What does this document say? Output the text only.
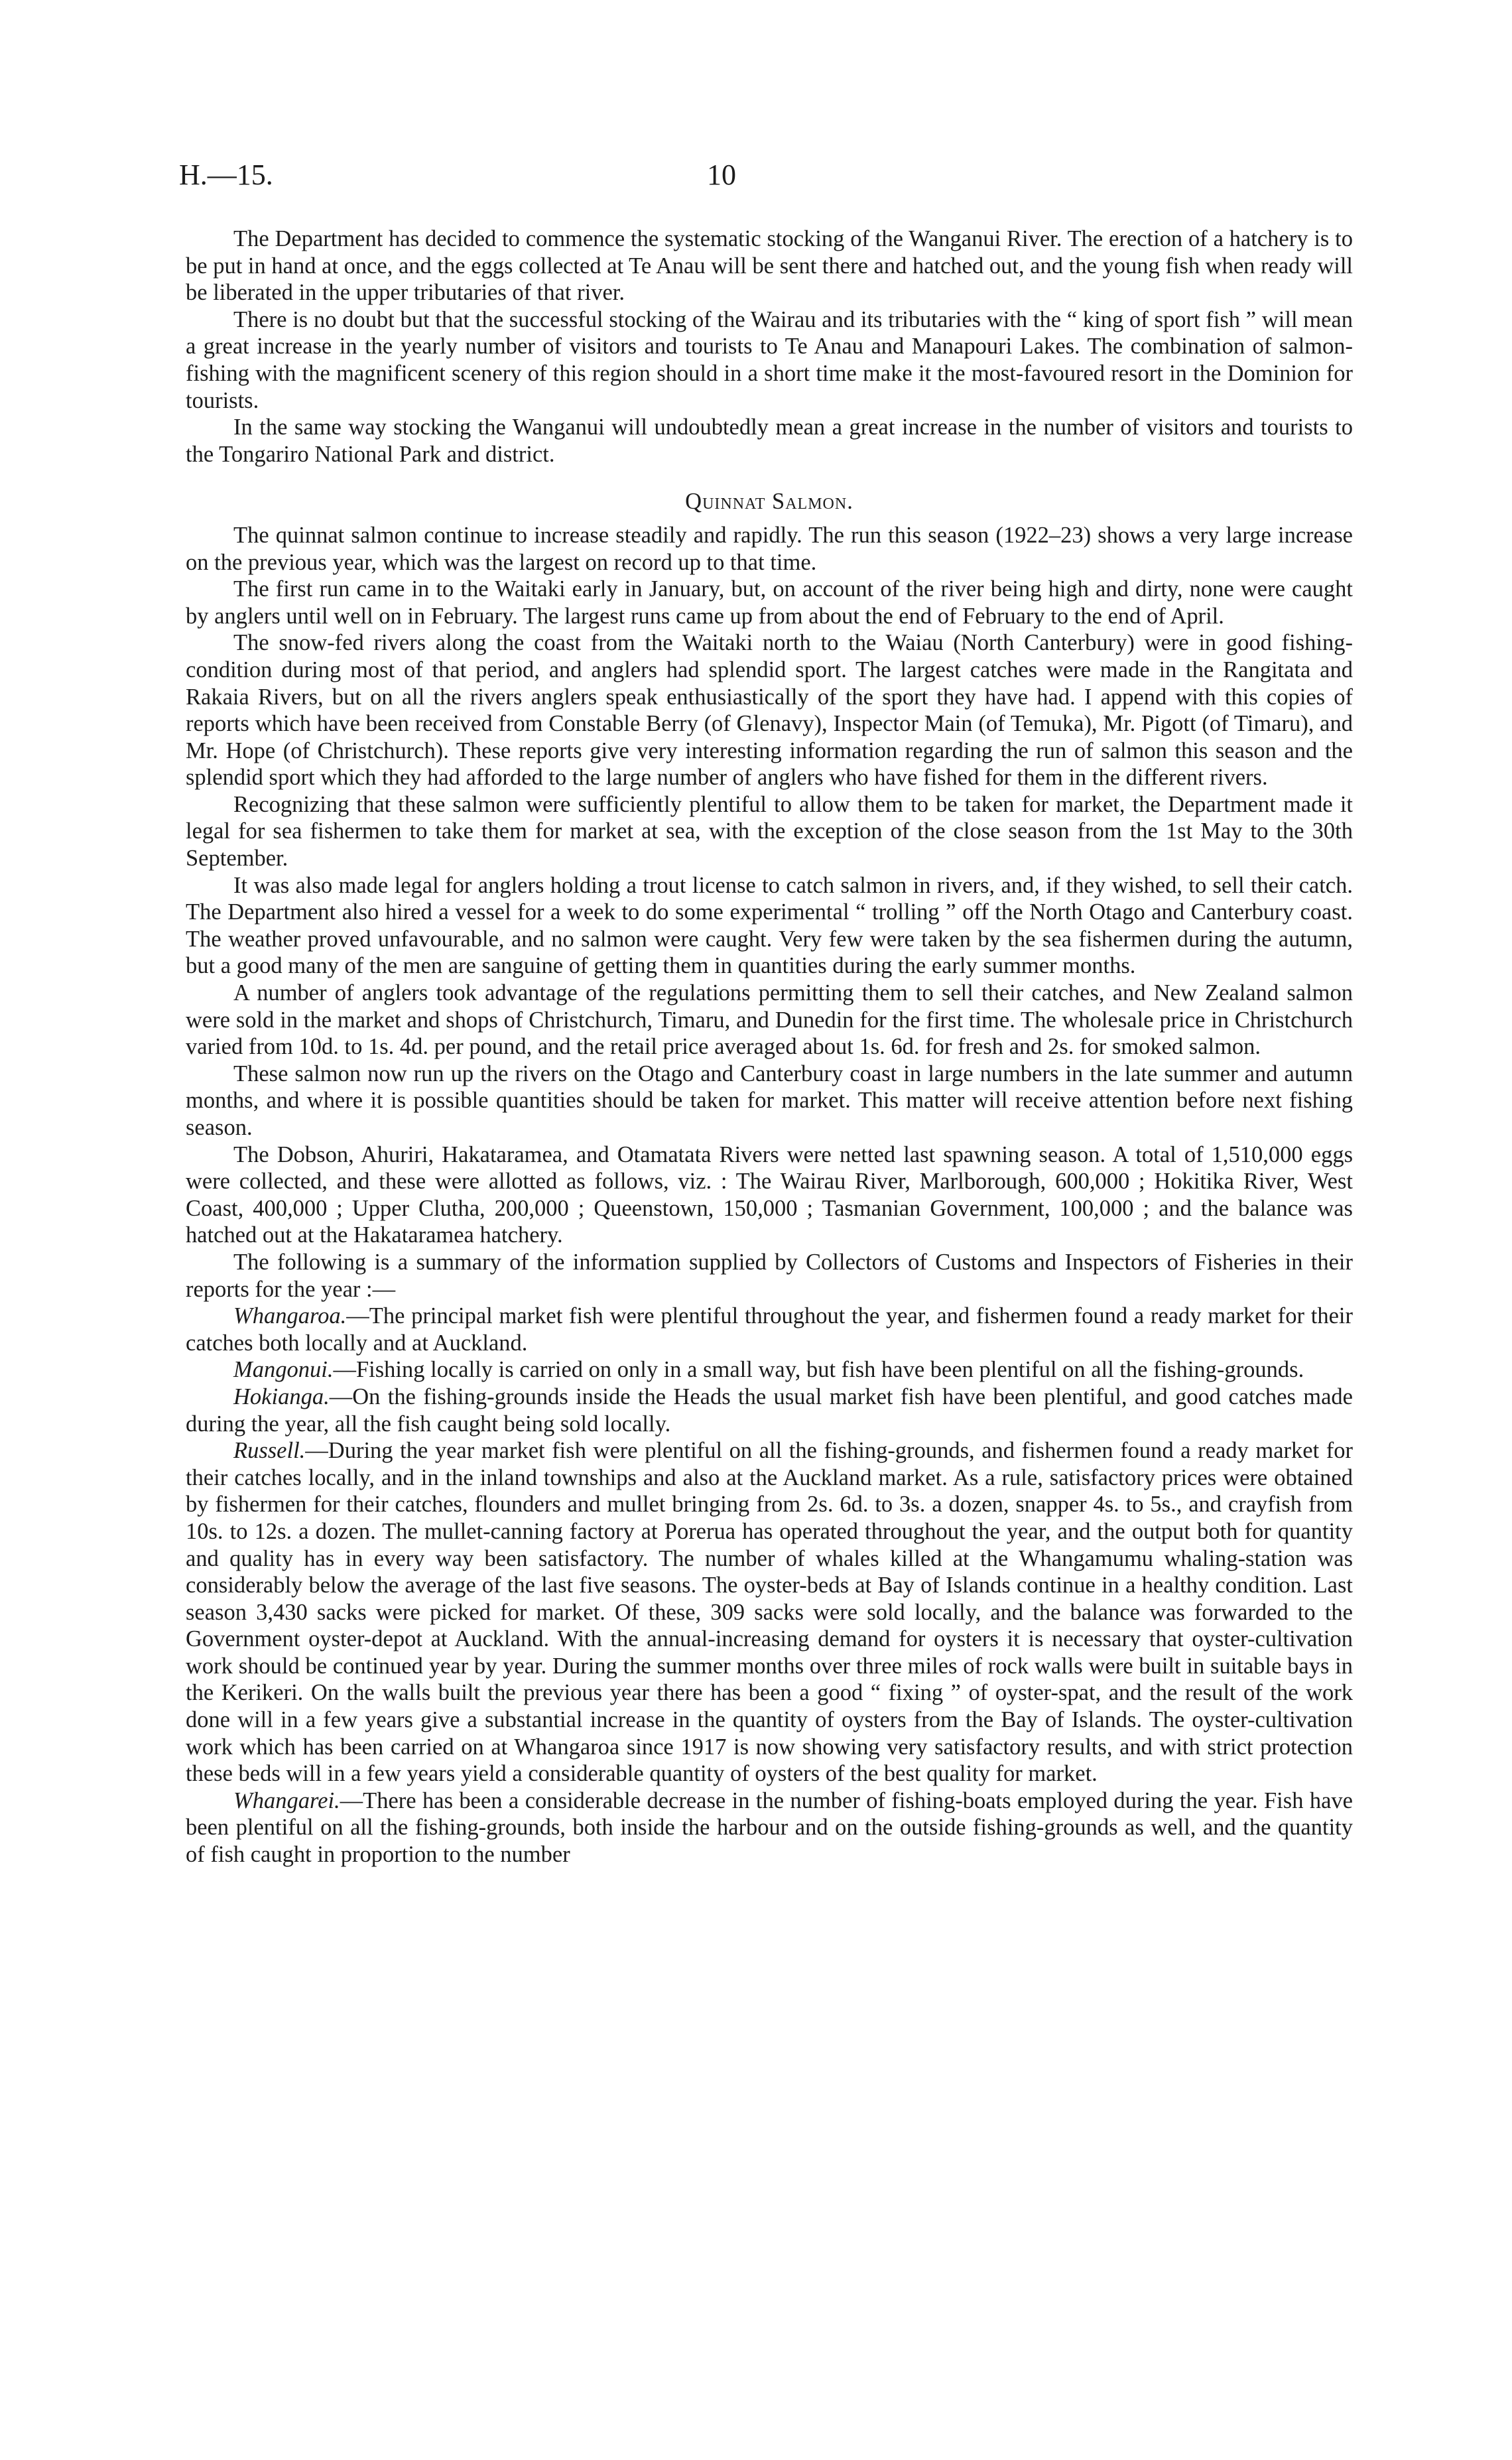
H.—15.	10

The Department has decided to commence the systematic stocking of the Wanganui River. The erection of a hatchery is to be put in hand at once, and the eggs collected at Te Anau will be sent there and hatched out, and the young fish when ready will be liberated in the upper tributaries of that river.

There is no doubt but that the successful stocking of the Wairau and its tributaries with the “ king of sport fish ” will mean a great increase in the yearly number of visitors and tourists to Te Anau and Manapouri Lakes. The combination of salmon-fishing with the magnificent scenery of this region should in a short time make it the most-favoured resort in the Dominion for tourists.

In the same way stocking the Wanganui will undoubtedly mean a great increase in the number of visitors and tourists to the Tongariro National Park and district.

Quinnat Salmon.

The quinnat salmon continue to increase steadily and rapidly. The run this season (1922–23) shows a very large increase on the previous year, which was the largest on record up to that time.

The first run came in to the Waitaki early in January, but, on account of the river being high and dirty, none were caught by anglers until well on in February. The largest runs came up from about the end of February to the end of April.

The snow-fed rivers along the coast from the Waitaki north to the Waiau (North Canterbury) were in good fishing-condition during most of that period, and anglers had splendid sport. The largest catches were made in the Rangitata and Rakaia Rivers, but on all the rivers anglers speak enthusiastically of the sport they have had. I append with this copies of reports which have been received from Constable Berry (of Glenavy), Inspector Main (of Temuka), Mr. Pigott (of Timaru), and Mr. Hope (of Christchurch). These reports give very interesting information regarding the run of salmon this season and the splendid sport which they had afforded to the large number of anglers who have fished for them in the different rivers.

Recognizing that these salmon were sufficiently plentiful to allow them to be taken for market, the Department made it legal for sea fishermen to take them for market at sea, with the exception of the close season from the 1st May to the 30th September.

It was also made legal for anglers holding a trout license to catch salmon in rivers, and, if they wished, to sell their catch. The Department also hired a vessel for a week to do some experimental “ trolling ” off the North Otago and Canterbury coast. The weather proved unfavourable, and no salmon were caught. Very few were taken by the sea fishermen during the autumn, but a good many of the men are sanguine of getting them in quantities during the early summer months.

A number of anglers took advantage of the regulations permitting them to sell their catches, and New Zealand salmon were sold in the market and shops of Christchurch, Timaru, and Dunedin for the first time. The wholesale price in Christchurch varied from 10d. to 1s. 4d. per pound, and the retail price averaged about 1s. 6d. for fresh and 2s. for smoked salmon.

These salmon now run up the rivers on the Otago and Canterbury coast in large numbers in the late summer and autumn months, and where it is possible quantities should be taken for market. This matter will receive attention before next fishing season.

The Dobson, Ahuriri, Hakataramea, and Otamatata Rivers were netted last spawning season. A total of 1,510,000 eggs were collected, and these were allotted as follows, viz. : The Wairau River, Marlborough, 600,000 ; Hokitika River, West Coast, 400,000 ; Upper Clutha, 200,000 ; Queenstown, 150,000 ; Tasmanian Government, 100,000 ; and the balance was hatched out at the Hakataramea hatchery.

The following is a summary of the information supplied by Collectors of Customs and Inspectors of Fisheries in their reports for the year :—

Whangaroa.—The principal market fish were plentiful throughout the year, and fishermen found a ready market for their catches both locally and at Auckland.

Mangonui.—Fishing locally is carried on only in a small way, but fish have been plentiful on all the fishing-grounds.

Hokianga.—On the fishing-grounds inside the Heads the usual market fish have been plentiful, and good catches made during the year, all the fish caught being sold locally.

Russell.—During the year market fish were plentiful on all the fishing-grounds, and fishermen found a ready market for their catches locally, and in the inland townships and also at the Auckland market. As a rule, satisfactory prices were obtained by fishermen for their catches, flounders and mullet bringing from 2s. 6d. to 3s. a dozen, snapper 4s. to 5s., and crayfish from 10s. to 12s. a dozen. The mullet-canning factory at Porerua has operated throughout the year, and the output both for quantity and quality has in every way been satisfactory. The number of whales killed at the Whangamumu whaling-station was considerably below the average of the last five seasons. The oyster-beds at Bay of Islands continue in a healthy condition. Last season 3,430 sacks were picked for market. Of these, 309 sacks were sold locally, and the balance was forwarded to the Government oyster-depot at Auckland. With the annual-increasing demand for oysters it is necessary that oyster-cultivation work should be continued year by year. During the summer months over three miles of rock walls were built in suitable bays in the Kerikeri. On the walls built the previous year there has been a good “ fixing ” of oyster-spat, and the result of the work done will in a few years give a substantial increase in the quantity of oysters from the Bay of Islands. The oyster-cultivation work which has been carried on at Whangaroa since 1917 is now showing very satisfactory results, and with strict protection these beds will in a few years yield a considerable quantity of oysters of the best quality for market.

Whangarei.—There has been a considerable decrease in the number of fishing-boats employed during the year. Fish have been plentiful on all the fishing-grounds, both inside the harbour and on the outside fishing-grounds as well, and the quantity of fish caught in proportion to the number
